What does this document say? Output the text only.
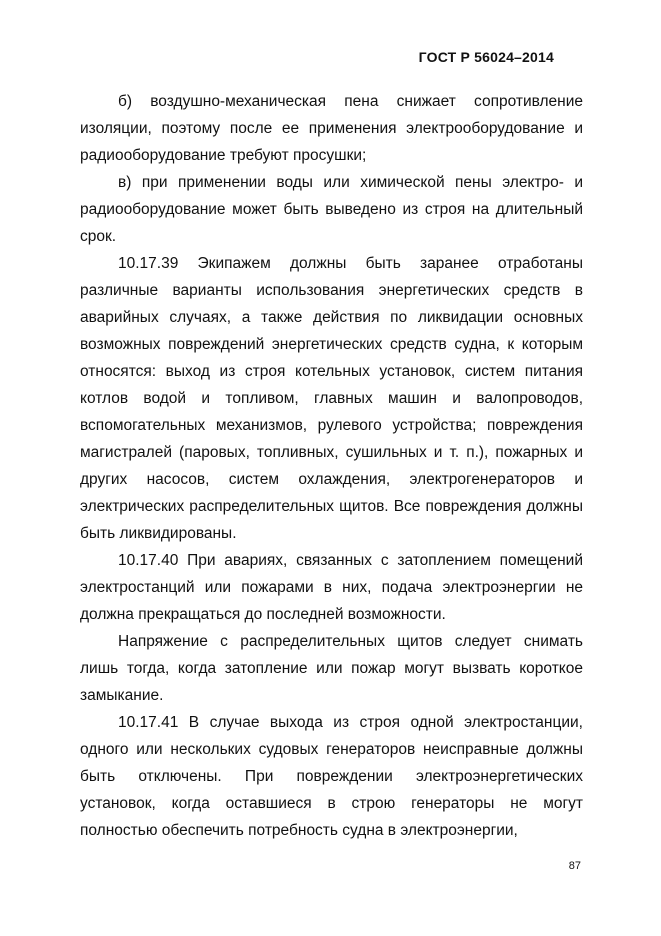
ГОСТ Р 56024–2014

б) воздушно-механическая пена снижает сопротивление изоляции, поэтому после ее применения электрооборудование и радиооборудование требуют просушки;

в) при применении воды или химической пены электро- и радиооборудование может быть выведено из строя на длительный срок.

10.17.39 Экипажем должны быть заранее отработаны различные варианты использования энергетических средств в аварийных случаях, а также действия по ликвидации основных возможных повреждений энергетических средств судна, к которым относятся: выход из строя котельных установок, систем питания котлов водой и топливом, главных машин и валопроводов, вспомогательных механизмов, рулевого устройства; повреждения магистралей (паровых, топливных, сушильных и т. п.), пожарных и других насосов, систем охлаждения, электрогенераторов и электрических распределительных щитов. Все повреждения должны быть ликвидированы.

10.17.40 При авариях, связанных с затоплением помещений электростанций или пожарами в них, подача электроэнергии не должна прекращаться до последней возможности.

Напряжение с распределительных щитов следует снимать лишь тогда, когда затопление или пожар могут вызвать короткое замыкание.

10.17.41 В случае выхода из строя одной электростанции, одного или нескольких судовых генераторов неисправные должны быть отключены. При повреждении электроэнергетических установок, когда оставшиеся в строю генераторы не могут полностью обеспечить потребность судна в электроэнергии,

87
